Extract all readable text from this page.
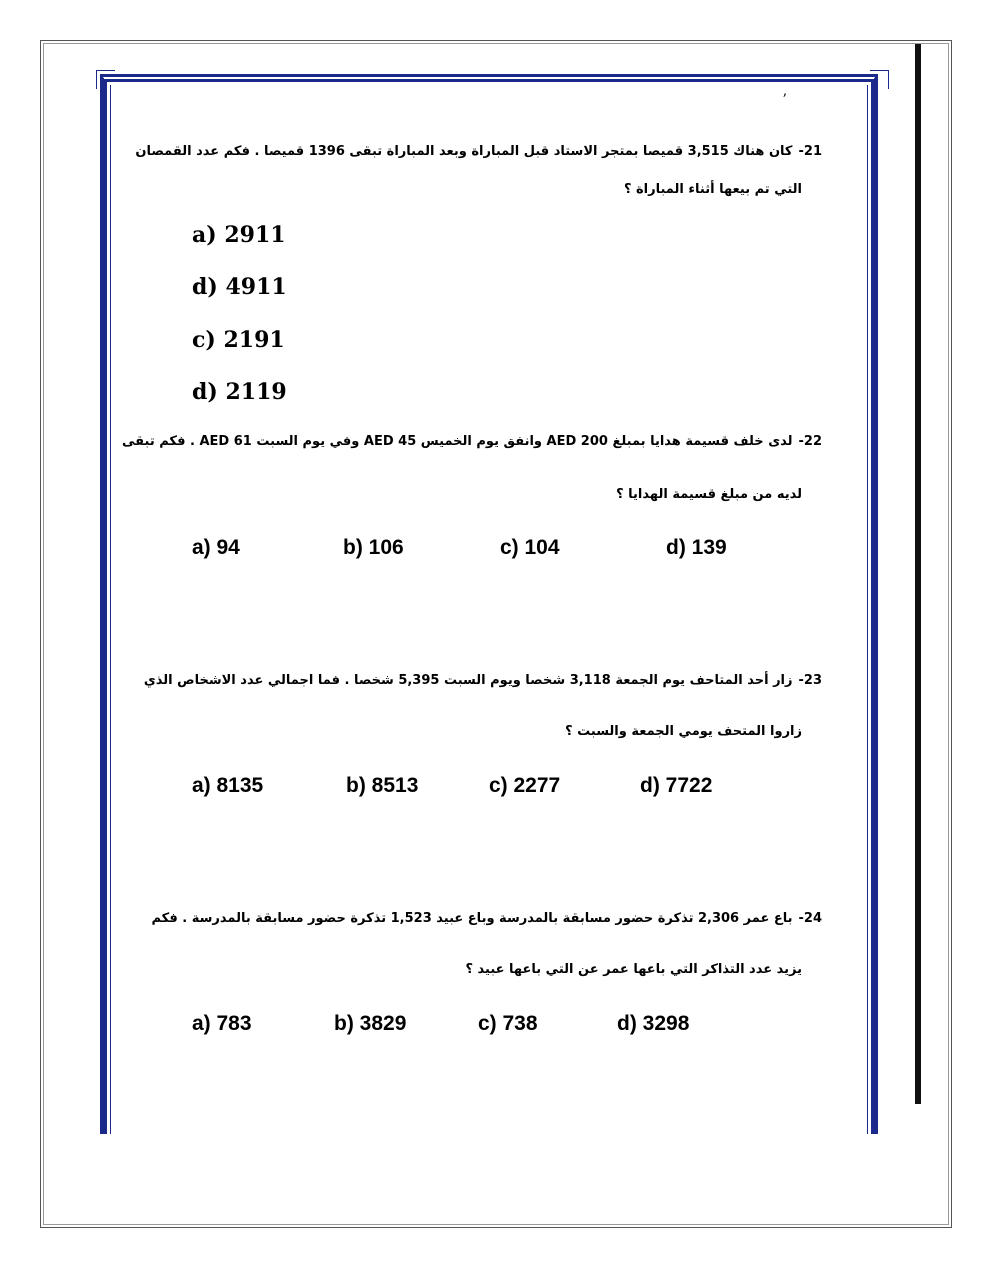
ʼ
21-كان هناك 3,515 قميصا بمتجر الاستاد قبل المباراة وبعد المباراة تبقى 1396 قميصا . فكم عدد القمصان
التي تم بيعها أثناء المباراة ؟
a) 2911
d) 4911
c) 2191
d) 2119
22-لدى خلف قسيمة هدايا بمبلغ 200 AED وانفق يوم الخميس 45 AED وفي يوم السبت 61 AED . فكم تبقى
لديه من مبلغ قسيمة الهدايا ؟
a) 94	b) 106	c) 104	d) 139
23-زار أحد المتاحف يوم الجمعة 3,118 شخصا ويوم السبت 5,395 شخصا . فما اجمالي عدد الاشخاص الذي
زاروا المتحف يومي الجمعة والسبت ؟
a) 8135	b) 8513	c) 2277	d) 7722
24-باع عمر 2,306 تذكرة حضور مسابقة بالمدرسة وباع عبيد 1,523 تذكرة حضور مسابقة بالمدرسة . فكم
يزيد عدد التذاكر التي باعها عمر عن التي باعها عبيد ؟
a) 783	b) 3829	c) 738	d) 3298
